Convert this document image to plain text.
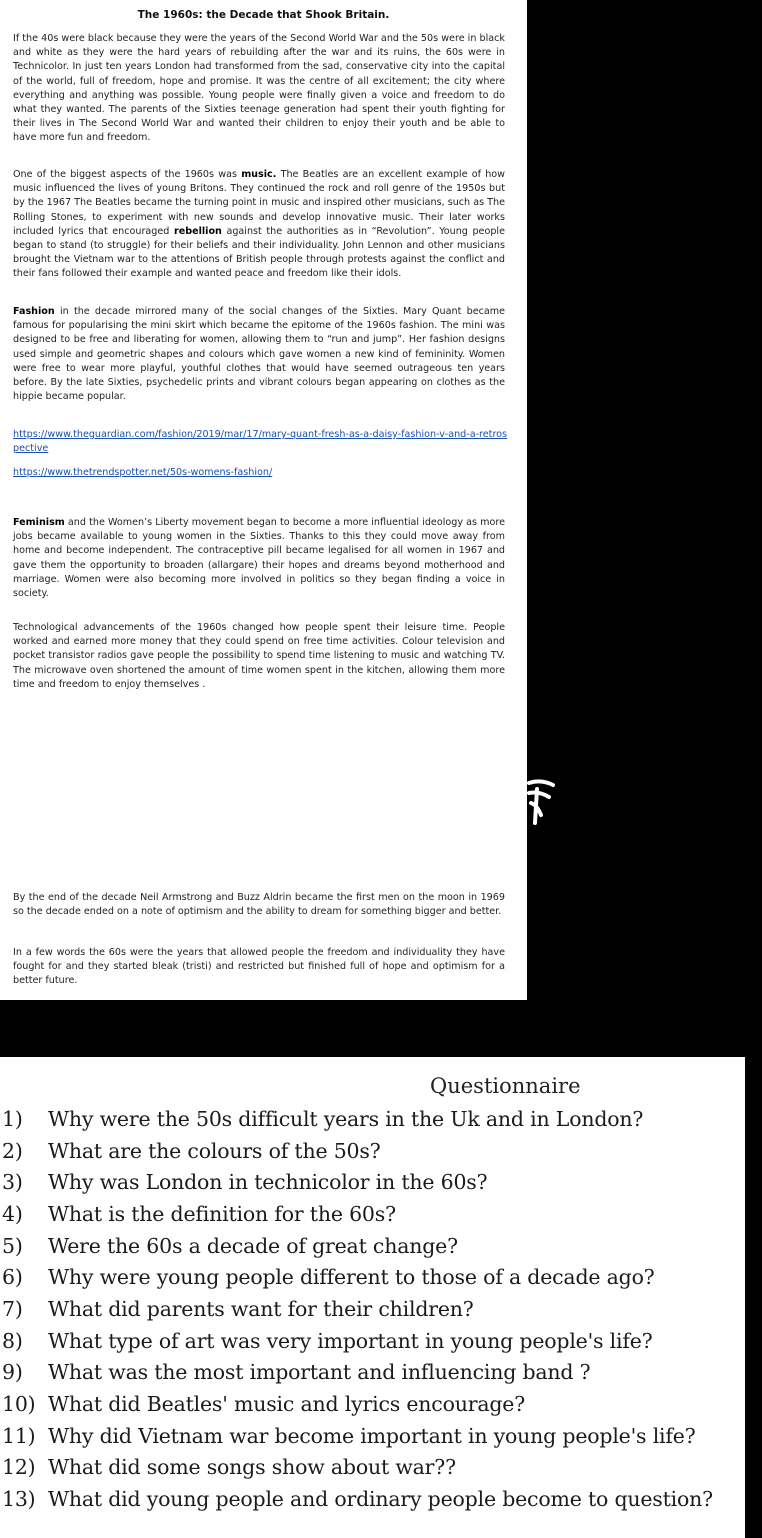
The 1960s: the Decade that Shook Britain.

If the 40s were black because they were the years of the Second World War and the 50s were in black and white as they were the hard years of rebuilding after the war and its ruins, the 60s were in Technicolor. In just ten years London had transformed from the sad, conservative city into the capital of the world, full of freedom, hope and promise. It was the centre of all excitement; the city where everything and anything was possible. Young people were finally given a voice and freedom to do what they wanted. The parents of the Sixties teenage generation had spent their youth fighting for their lives in The Second World War and wanted their children to enjoy their youth and be able to have more fun and freedom.

One of the biggest aspects of the 1960s was music. The Beatles are an excellent example of how music influenced the lives of young Britons. They continued the rock and roll genre of the 1950s but by the 1967 The Beatles became the turning point in music and inspired other musicians, such as The Rolling Stones, to experiment with new sounds and develop innovative music. Their later works included lyrics that encouraged rebellion against the authorities as in “Revolution”. Young people began to stand (to struggle) for their beliefs and their individuality. John Lennon and other musicians brought the Vietnam war to the attentions of British people through protests against the conflict and their fans followed their example and wanted peace and freedom like their idols.

Fashion in the decade mirrored many of the social changes of the Sixties. Mary Quant became famous for popularising the mini skirt which became the epitome of the 1960s fashion. The mini was designed to be free and liberating for women, allowing them to “run and jump”. Her fashion designs used simple and geometric shapes and colours which gave women a new kind of femininity. Women were free to wear more playful, youthful clothes that would have seemed outrageous ten years before. By the late Sixties, psychedelic prints and vibrant colours began appearing on clothes as the hippie became popular.

https://www.theguardian.com/fashion/2019/mar/17/mary-quant-fresh-as-a-daisy-fashion-v-and-a-retrospective
https://www.thetrendspotter.net/50s-womens-fashion/

Feminism and the Women’s Liberty movement began to become a more influential ideology as more jobs became available to young women in the Sixties. Thanks to this they could move away from home and become independent. The contraceptive pill became legalised for all women in 1967 and gave them the opportunity to broaden (allargare) their hopes and dreams beyond motherhood and marriage. Women were also becoming more involved in politics so they began finding a voice in society.

Technological advancements of the 1960s changed how people spent their leisure time. People worked and earned more money that they could spend on free time activities. Colour television and pocket transistor radios gave people the possibility to spend time listening to music and watching TV. The microwave oven shortened the amount of time women spent in the kitchen, allowing them more time and freedom to enjoy themselves .

By the end of the decade Neil Armstrong and Buzz Aldrin became the first men on the moon in 1969 so the decade ended on a note of optimism and the ability to dream for something bigger and better.

In a few words the 60s were the years that allowed people the freedom and individuality they have fought for and they started bleak (tristi) and restricted but finished full of hope and optimism for a better future.

Questionnaire
1)	Why were the 50s difficult years in the Uk and in London?
2)	What are the colours of the 50s?
3)	Why was London in technicolor in the 60s?
4)	What is the definition for the 60s?
5)	Were the 60s a decade of great change?
6)	Why were young people different to those of a decade ago?
7)	What did parents want for their children?
8)	What type of art was very important in young people's life?
9)	What was the most important and influencing band ?
10) What did Beatles' music and lyrics encourage?
11) Why did Vietnam war become important in young people's life?
12) What did some songs show about war??
13) What did young people and ordinary people become to question?
